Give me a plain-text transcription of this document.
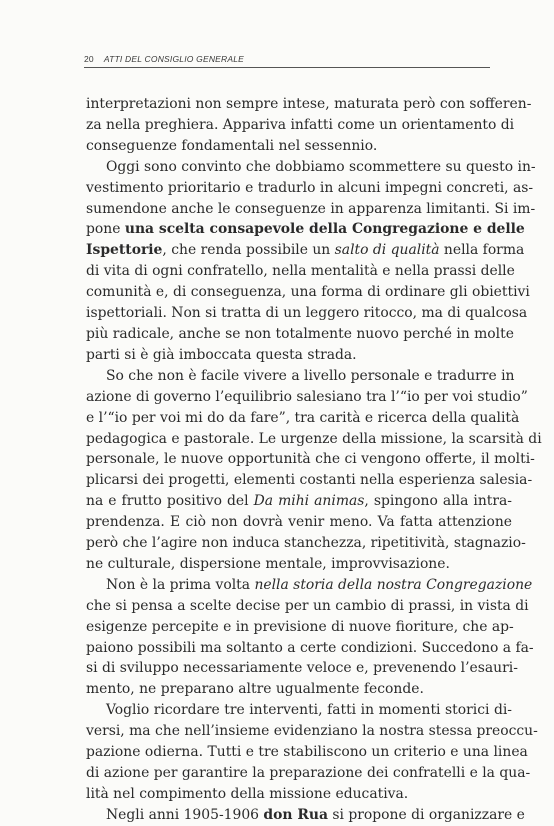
20 ATTI DEL CONSIGLIO GENERALE
interpretazioni non sempre intese, maturata però con sofferen-
za nella preghiera. Appariva infatti come un orientamento di
conseguenze fondamentali nel sessennio.
Oggi sono convinto che dobbiamo scommettere su questo in-
vestimento prioritario e tradurlo in alcuni impegni concreti, as-
sumendone anche le conseguenze in apparenza limitanti. Si im-
pone una scelta consapevole della Congregazione e delle
Ispettorie, che renda possibile un salto di qualità nella forma
di vita di ogni confratello, nella mentalità e nella prassi delle
comunità e, di conseguenza, una forma di ordinare gli obiettivi
ispettoriali. Non si tratta di un leggero ritocco, ma di qualcosa
più radicale, anche se non totalmente nuovo perché in molte
parti si è già imboccata questa strada.
So che non è facile vivere a livello personale e tradurre in
azione di governo l’equilibrio salesiano tra l’“io per voi studio”
e l’“io per voi mi do da fare”, tra carità e ricerca della qualità
pedagogica e pastorale. Le urgenze della missione, la scarsità di
personale, le nuove opportunità che ci vengono offerte, il molti-
plicarsi dei progetti, elementi costanti nella esperienza salesia-
na e frutto positivo del Da mihi animas, spingono alla intra-
prendenza. E ciò non dovrà venir meno. Va fatta attenzione
però che l’agire non induca stanchezza, ripetitività, stagnazio-
ne culturale, dispersione mentale, improvvisazione.
Non è la prima volta nella storia della nostra Congregazione
che si pensa a scelte decise per un cambio di prassi, in vista di
esigenze percepite e in previsione di nuove fioriture, che ap-
paiono possibili ma soltanto a certe condizioni. Succedono a fa-
si di sviluppo necessariamente veloce e, prevenendo l’esauri-
mento, ne preparano altre ugualmente feconde.
Voglio ricordare tre interventi, fatti in momenti storici di-
versi, ma che nell’insieme evidenziano la nostra stessa preoccu-
pazione odierna. Tutti e tre stabiliscono un criterio e una linea
di azione per garantire la preparazione dei confratelli e la qua-
lità nel compimento della missione educativa.
Negli anni 1905-1906 don Rua si propone di organizzare e
